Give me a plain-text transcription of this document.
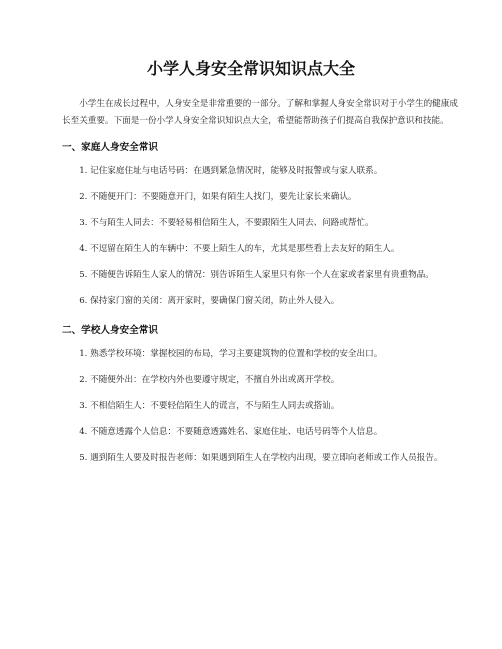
小学人身安全常识知识点大全

小学生在成长过程中，人身安全是非常重要的一部分。了解和掌握人身安全常识对于小学生的健康成长至关重要。下面是一份小学人身安全常识知识点大全，希望能帮助孩子们提高自我保护意识和技能。

一、家庭人身安全常识
1. 记住家庭住址与电话号码：在遇到紧急情况时，能够及时报警或与家人联系。
2. 不随便开门：不要随意开门，如果有陌生人找门，要先让家长来确认。
3. 不与陌生人同去：不要轻易相信陌生人，不要跟陌生人同去、问路或帮忙。
4. 不逗留在陌生人的车辆中：不要上陌生人的车，尤其是那些看上去友好的陌生人。
5. 不随便告诉陌生人家人的情况：别告诉陌生人家里只有你一个人在家或者家里有贵重物品。
6. 保持家门窗的关闭：离开家时，要确保门窗关闭，防止外人侵入。
二、学校人身安全常识
1. 熟悉学校环境：掌握校园的布局，学习主要建筑物的位置和学校的安全出口。
2. 不随便外出：在学校内外也要遵守规定，不擅自外出或离开学校。
3. 不相信陌生人：不要轻信陌生人的谎言，不与陌生人同去或搭讪。
4. 不随意透露个人信息：不要随意透露姓名、家庭住址、电话号码等个人信息。
5. 遇到陌生人要及时报告老师：如果遇到陌生人在学校内出现，要立即向老师或工作人员报告。
